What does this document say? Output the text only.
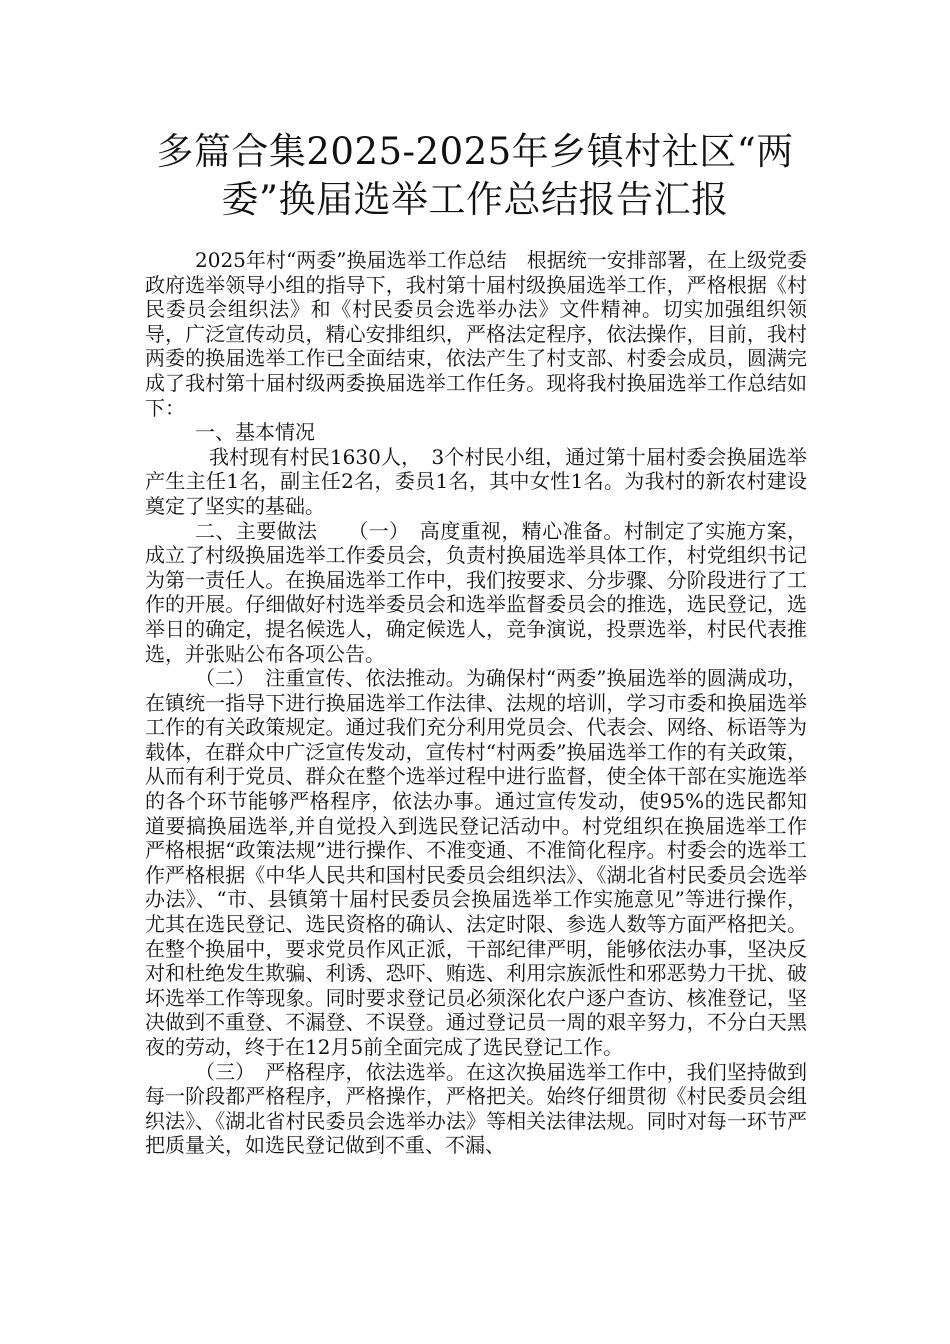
多篇合集2025-2025年乡镇村社区“两
委”换届选举工作总结报告汇报

2025年村“两委”换届选举工作总结　根据统一安排部署，在上级党委政府选举领导小组的指导下，我村第十届村级换届选举工作，严格根据《村民委员会组织法》和《村民委员会选举办法》文件精神。切实加强组织领导，广泛宣传动员，精心安排组织，严格法定程序，依法操作，目前，我村两委的换届选举工作已全面结束，依法产生了村支部、村委会成员，圆满完成了我村第十届村级两委换届选举工作任务。现将我村换届选举工作总结如下：

一、基本情况

我村现有村民1630人，　3个村民小组，通过第十届村委会换届选举产生主任1名，副主任2名，委员1名，其中女性1名。为我村的新农村建设奠定了坚实的基础。

二、主要做法　　（一）　高度重视，精心准备。村制定了实施方案，成立了村级换届选举工作委员会，负责村换届选举具体工作，村党组织书记为第一责任人。在换届选举工作中，我们按要求、分步骤、分阶段进行了工作的开展。仔细做好村选举委员会和选举监督委员会的推选，选民登记，选举日的确定，提名候选人，确定候选人，竞争演说，投票选举，村民代表推选，并张贴公布各项公告。

（二）　注重宣传、依法推动。为确保村“两委”换届选举的圆满成功，在镇统一指导下进行换届选举工作法律、法规的培训，学习市委和换届选举工作的有关政策规定。通过我们充分利用党员会、代表会、网络、标语等为载体，在群众中广泛宣传发动，宣传村“村两委”换届选举工作的有关政策，从而有利于党员、群众在整个选举过程中进行监督，使全体干部在实施选举的各个环节能够严格程序，依法办事。通过宣传发动，使95%的选民都知道要搞换届选举,并自觉投入到选民登记活动中。村党组织在换届选举工作严格根据“政策法规”进行操作、不准变通、不准简化程序。村委会的选举工作严格根据《中华人民共和国村民委员会组织法》、《湖北省村民委员会选举办法》、“市、县镇第十届村民委员会换届选举工作实施意见”等进行操作，尤其在选民登记、选民资格的确认、法定时限、参选人数等方面严格把关。在整个换届中，要求党员作风正派，干部纪律严明，能够依法办事，坚决反对和杜绝发生欺骗、利诱、恐吓、贿选、利用宗族派性和邪恶势力干扰、破坏选举工作等现象。同时要求登记员必须深化农户逐户查访、核准登记，坚决做到不重登、不漏登、不误登。通过登记员一周的艰辛努力，不分白天黑夜的劳动，终于在12月5前全面完成了选民登记工作。

（三）　严格程序，依法选举。在这次换届选举工作中，我们坚持做到每一阶段都严格程序，严格操作，严格把关。始终仔细贯彻《村民委员会组织法》、《湖北省村民委员会选举办法》等相关法律法规。同时对每一环节严把质量关，如选民登记做到不重、不漏、
